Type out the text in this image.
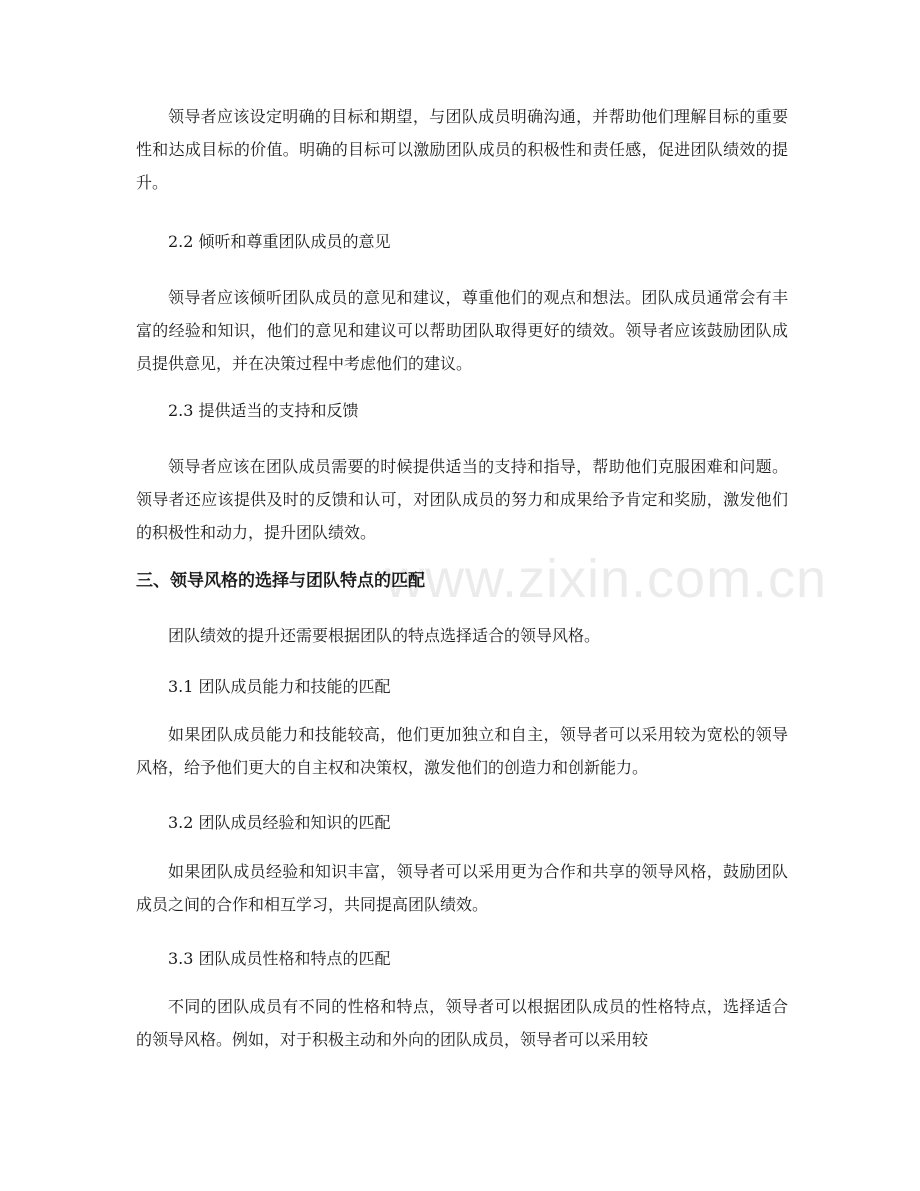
领导者应该设定明确的目标和期望，与团队成员明确沟通，并帮助他们理解目标的重要性和达成目标的价值。明确的目标可以激励团队成员的积极性和责任感，促进团队绩效的提升。

2.2 倾听和尊重团队成员的意见

领导者应该倾听团队成员的意见和建议，尊重他们的观点和想法。团队成员通常会有丰富的经验和知识，他们的意见和建议可以帮助团队取得更好的绩效。领导者应该鼓励团队成员提供意见，并在决策过程中考虑他们的建议。

2.3 提供适当的支持和反馈

领导者应该在团队成员需要的时候提供适当的支持和指导，帮助他们克服困难和问题。领导者还应该提供及时的反馈和认可，对团队成员的努力和成果给予肯定和奖励，激发他们的积极性和动力，提升团队绩效。

三、领导风格的选择与团队特点的匹配

团队绩效的提升还需要根据团队的特点选择适合的领导风格。

3.1 团队成员能力和技能的匹配

如果团队成员能力和技能较高，他们更加独立和自主，领导者可以采用较为宽松的领导风格，给予他们更大的自主权和决策权，激发他们的创造力和创新能力。

3.2 团队成员经验和知识的匹配

如果团队成员经验和知识丰富，领导者可以采用更为合作和共享的领导风格，鼓励团队成员之间的合作和相互学习，共同提高团队绩效。

3.3 团队成员性格和特点的匹配

不同的团队成员有不同的性格和特点，领导者可以根据团队成员的性格特点，选择适合的领导风格。例如，对于积极主动和外向的团队成员，领导者可以采用较

www.zixin.com.cn
